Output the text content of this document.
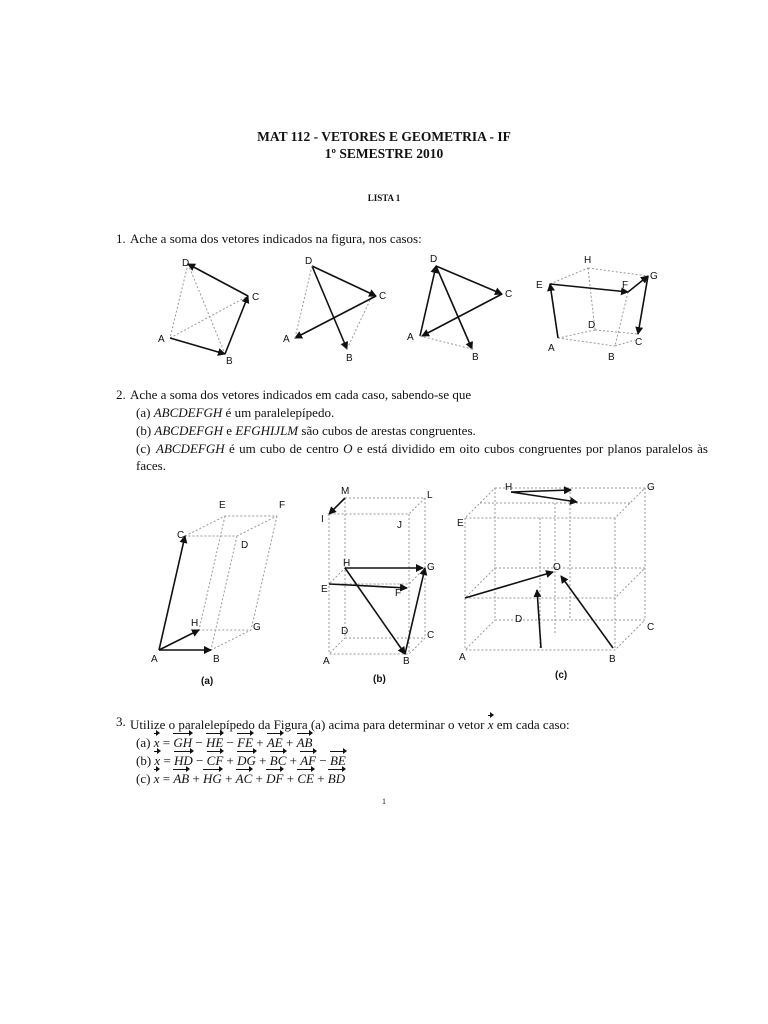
MAT 112 - VETORES E GEOMETRIA - IF
1º SEMESTRE 2010
LISTA 1
1. Ache a soma dos vetores indicados na figura, nos casos:
D
C
A
B
D
C
A
B
D
C
A
B
H
E	F
G
D
A
C
B
2. Ache a soma dos vetores indicados em cada caso, sabendo-se que
(a) ABCDEFGH é um paralelepípedo.
(b) ABCDEFGH e EFGHIJLM são cubos de arestas congruentes.
(c) ABCDEFGH é um cubo de centro O e está dividido em oito cubos congruentes por planos paralelos às faces.
E	F
C
D
H	G
A	B
(a)
M	L
I
J
H	G
E	F
D	C
A	B
(b)
H	G
E
O
D
C
A	B
(c)
3. Utilize o paralelepípedo da Figura (a) acima para determinar o vetor x em cada caso:
(a) x = GH − HE − FE + AE + AB
(b) x = HD − CF + DG + BC + AF − BE
(c) x = AB + HG + AC + DF + CE + BD
1
